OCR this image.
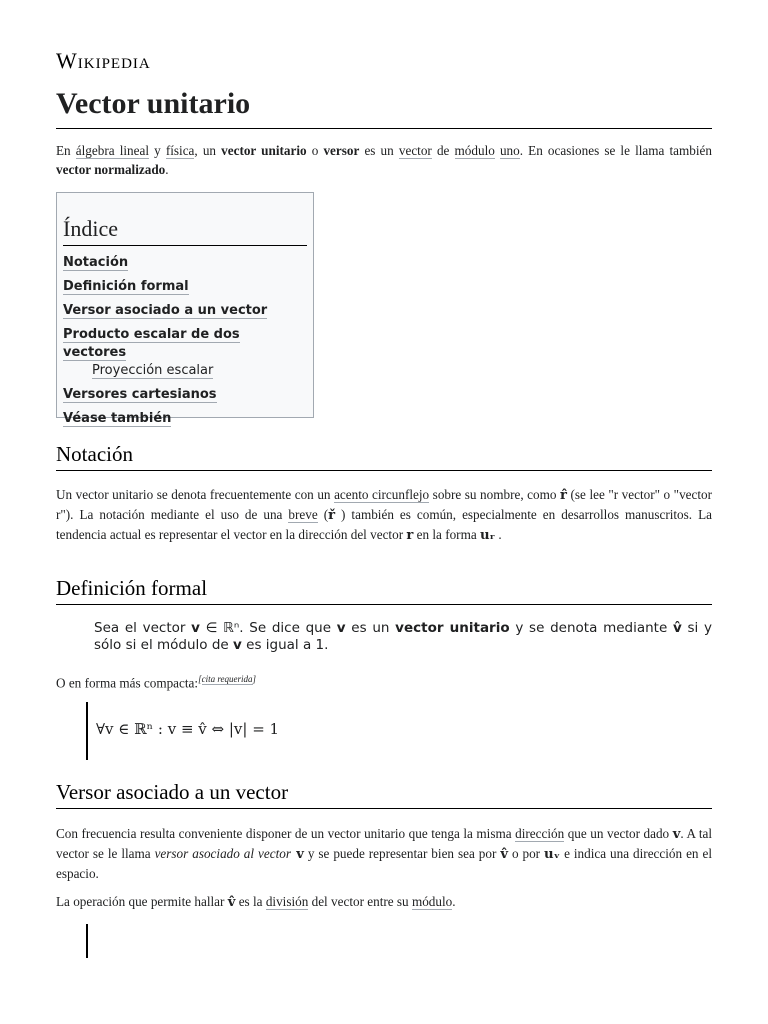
Wikipedia
Vector unitario

En álgebra lineal y física, un vector unitario o versor es un vector de módulo uno. En ocasiones se le llama también vector normalizado.

Índice
Notación
Definición formal
Versor asociado a un vector
Producto escalar de dos vectores
Proyección escalar
Versores cartesianos
Véase también
Notación

Un vector unitario se denota frecuentemente con un acento circunflejo sobre su nombre, como r̂ (se lee "r vector" o "vector r"). La notación mediante el uso de una breve (ř ) también es común, especialmente en desarrollos manuscritos. La tendencia actual es representar el vector en la dirección del vector r en la forma uᵣ .

Definición formal

Sea el vector v ∈ ℝⁿ. Se dice que v es un vector unitario y se denota mediante v̂ si y sólo si el módulo de v es igual a 1.

O en forma más compacta:[cita requerida]

∀v ∈ ℝⁿ : v ≡ v̂ ⇔ |v| = 1
Versor asociado a un vector

Con frecuencia resulta conveniente disponer de un vector unitario que tenga la misma dirección que un vector dado v. A tal vector se le llama versor asociado al vector v y se puede representar bien sea por v̂ o por uᵥ e indica una dirección en el espacio.

La operación que permite hallar v̂ es la división del vector entre su módulo.
